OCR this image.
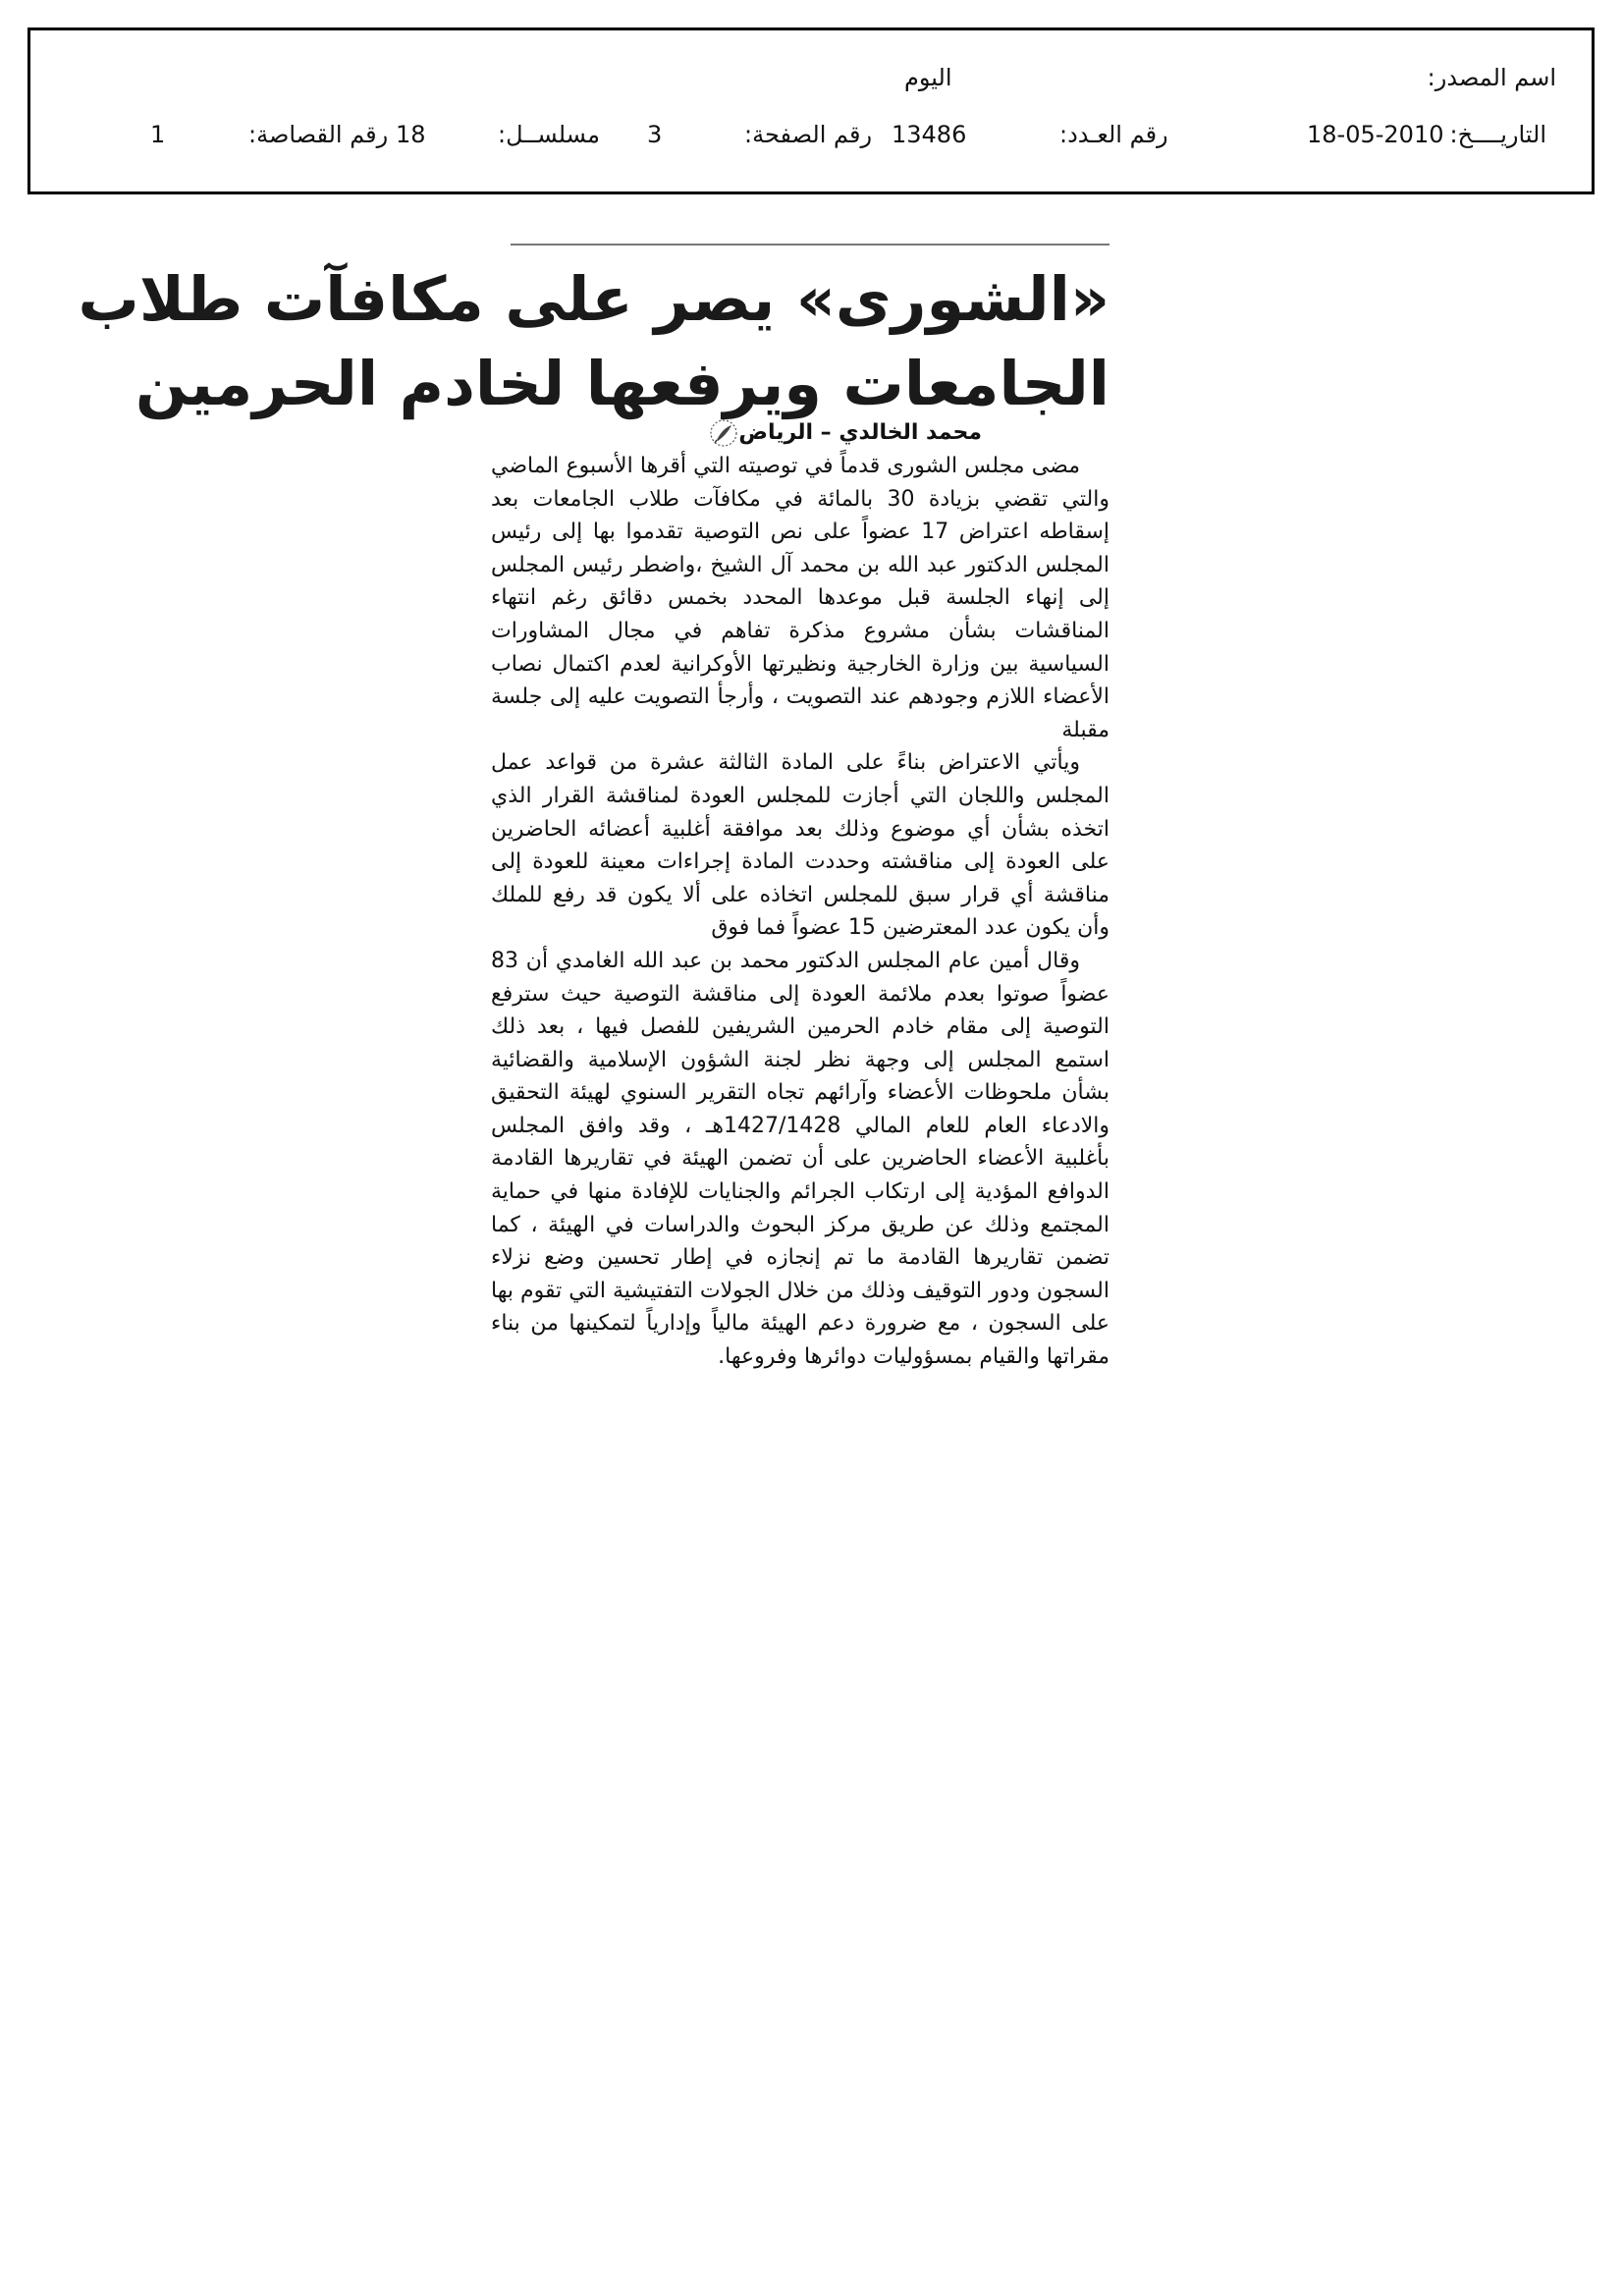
اسم المصدر:
اليوم
التاريــــخ:
18-05-2010
رقم العـدد:
13486
رقم الصفحة:
3
مسلســل:
18
رقم القصاصة:
1
«الشورى» يصر على مكافآت طلاب
الجامعات ويرفعها لخادم الحرمين
محمد الخالدي – الرياض

مضى مجلس الشورى قدماً في توصيته التي أقرها الأسبوع الماضي والتي تقضي بزيادة 30 بالمائة في مكافآت طلاب الجامعات بعد إسقاطه اعتراض 17 عضواً على نص التوصية تقدموا بها إلى رئيس المجلس الدكتور عبد الله بن محمد آل الشيخ ،واضطر رئيس المجلس إلى إنهاء الجلسة قبل موعدها المحدد بخمس دقائق رغم انتهاء المناقشات بشأن مشروع مذكرة تفاهم في مجال المشاورات السياسية بين وزارة الخارجية ونظيرتها الأوكرانية لعدم اكتمال نصاب الأعضاء اللازم وجودهم عند التصويت ، وأرجأ التصويت عليه إلى جلسة مقبلة

ويأتي الاعتراض بناءً على المادة الثالثة عشرة من قواعد عمل المجلس واللجان التي أجازت للمجلس العودة لمناقشة القرار الذي اتخذه بشأن أي موضوع وذلك بعد موافقة أغلبية أعضائه الحاضرين على العودة إلى مناقشته وحددت المادة إجراءات معينة للعودة إلى مناقشة أي قرار سبق للمجلس اتخاذه على ألا يكون قد رفع للملك وأن يكون عدد المعترضين 15 عضواً فما فوق

وقال أمين عام المجلس الدكتور محمد بن عبد الله الغامدي أن 83 عضواً صوتوا بعدم ملائمة العودة إلى مناقشة التوصية حيث سترفع التوصية إلى مقام خادم الحرمين الشريفين للفصل فيها ، بعد ذلك استمع المجلس إلى وجهة نظر لجنة الشؤون الإسلامية والقضائية بشأن ملحوظات الأعضاء وآرائهم تجاه التقرير السنوي لهيئة التحقيق والادعاء العام للعام المالي 1427/1428هـ ، وقد وافق المجلس بأغلبية الأعضاء الحاضرين على أن تضمن الهيئة في تقاريرها القادمة الدوافع المؤدية إلى ارتكاب الجرائم والجنايات للإفادة منها في حماية المجتمع وذلك عن طريق مركز البحوث والدراسات في الهيئة ، كما تضمن تقاريرها القادمة ما تم إنجازه في إطار تحسين وضع نزلاء السجون ودور التوقيف وذلك من خلال الجولات التفتيشية التي تقوم بها على السجون ، مع ضرورة دعم الهيئة مالياً وإدارياً لتمكينها من بناء مقراتها والقيام بمسؤوليات دوائرها وفروعها.
